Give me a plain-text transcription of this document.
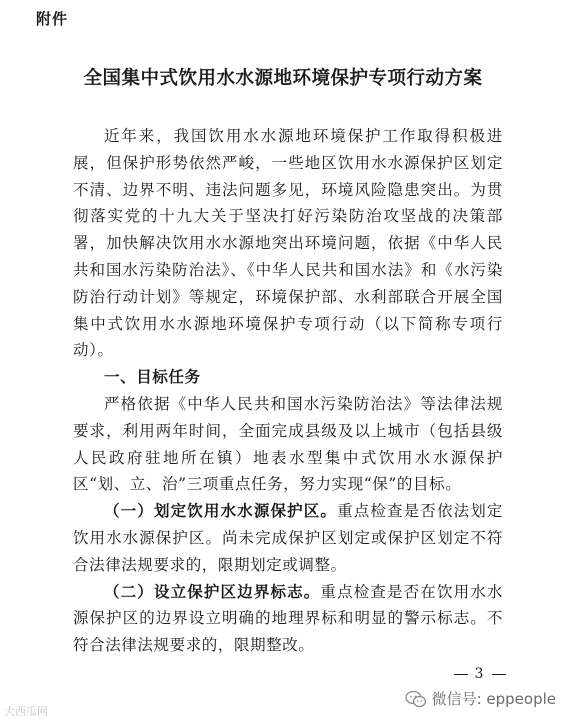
附件
全国集中式饮用水水源地环境保护专项行动方案

近年来，我国饮用水水源地环境保护工作取得积极进展，但保护形势依然严峻，一些地区饮用水水源保护区划定不清、边界不明、违法问题多见，环境风险隐患突出。为贯彻落实党的十九大关于坚决打好污染防治攻坚战的决策部署，加快解决饮用水水源地突出环境问题，依据《中华人民共和国水污染防治法》、《中华人民共和国水法》和《水污染防治行动计划》等规定，环境保护部、水利部联合开展全国集中式饮用水水源地环境保护专项行动（以下简称专项行动）。

一、目标任务

严格依据《中华人民共和国水污染防治法》等法律法规要求，利用两年时间，全面完成县级及以上城市（包括县级人民政府驻地所在镇）地表水型集中式饮用水水源保护区“划、立、治”三项重点任务，努力实现“保”的目标。

（一）划定饮用水水源保护区。重点检查是否依法划定饮用水水源保护区。尚未完成保护区划定或保护区划定不符合法律法规要求的，限期划定或调整。

（二）设立保护区边界标志。重点检查是否在饮用水水源保护区的边界设立明确的地理界标和明显的警示标志。不符合法律法规要求的，限期整改。

3
大西瓜网
微信号: eppeople
